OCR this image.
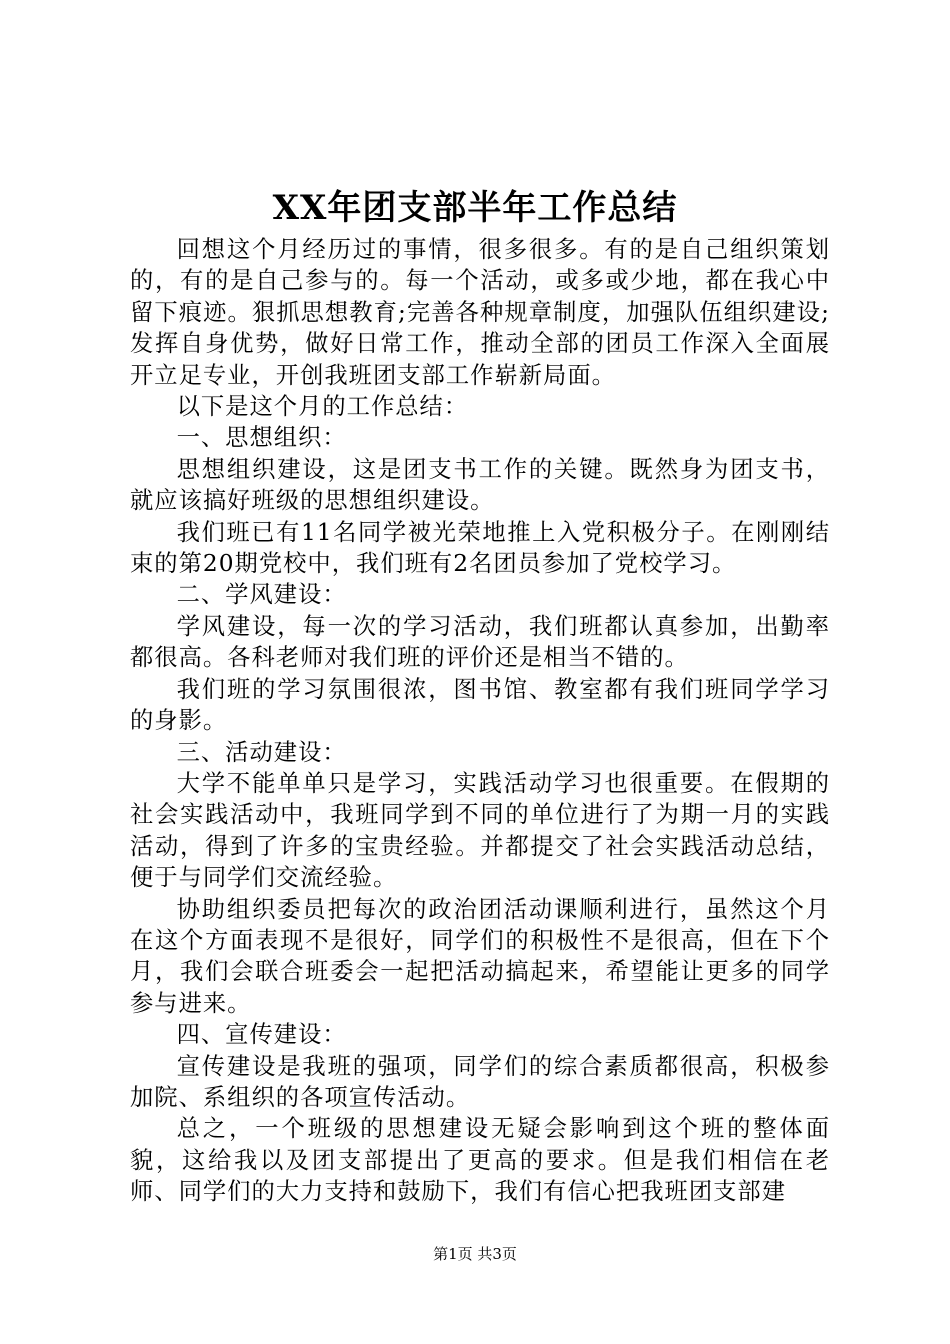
XX年团支部半年工作总结

回想这个月经历过的事情，很多很多。有的是自己组织策划的，有的是自己参与的。每一个活动，或多或少地，都在我心中留下痕迹。狠抓思想教育;完善各种规章制度，加强队伍组织建设;发挥自身优势，做好日常工作，推动全部的团员工作深入全面展开立足专业，开创我班团支部工作崭新局面。

以下是这个月的工作总结：

一、思想组织：

思想组织建设，这是团支书工作的关键。既然身为团支书，就应该搞好班级的思想组织建设。

我们班已有11名同学被光荣地推上入党积极分子。在刚刚结束的第20期党校中，我们班有2名团员参加了党校学习。

二、学风建设：

学风建设，每一次的学习活动，我们班都认真参加，出勤率都很高。各科老师对我们班的评价还是相当不错的。

我们班的学习氛围很浓，图书馆、教室都有我们班同学学习的身影。

三、活动建设：

大学不能单单只是学习，实践活动学习也很重要。在假期的社会实践活动中，我班同学到不同的单位进行了为期一月的实践活动，得到了许多的宝贵经验。并都提交了社会实践活动总结，便于与同学们交流经验。

协助组织委员把每次的政治团活动课顺利进行，虽然这个月在这个方面表现不是很好，同学们的积极性不是很高，但在下个月，我们会联合班委会一起把活动搞起来，希望能让更多的同学参与进来。

四、宣传建设：

宣传建设是我班的强项，同学们的综合素质都很高，积极参加院、系组织的各项宣传活动。

总之，一个班级的思想建设无疑会影响到这个班的整体面貌，这给我以及团支部提出了更高的要求。但是我们相信在老师、同学们的大力支持和鼓励下，我们有信心把我班团支部建

第1页 共3页
